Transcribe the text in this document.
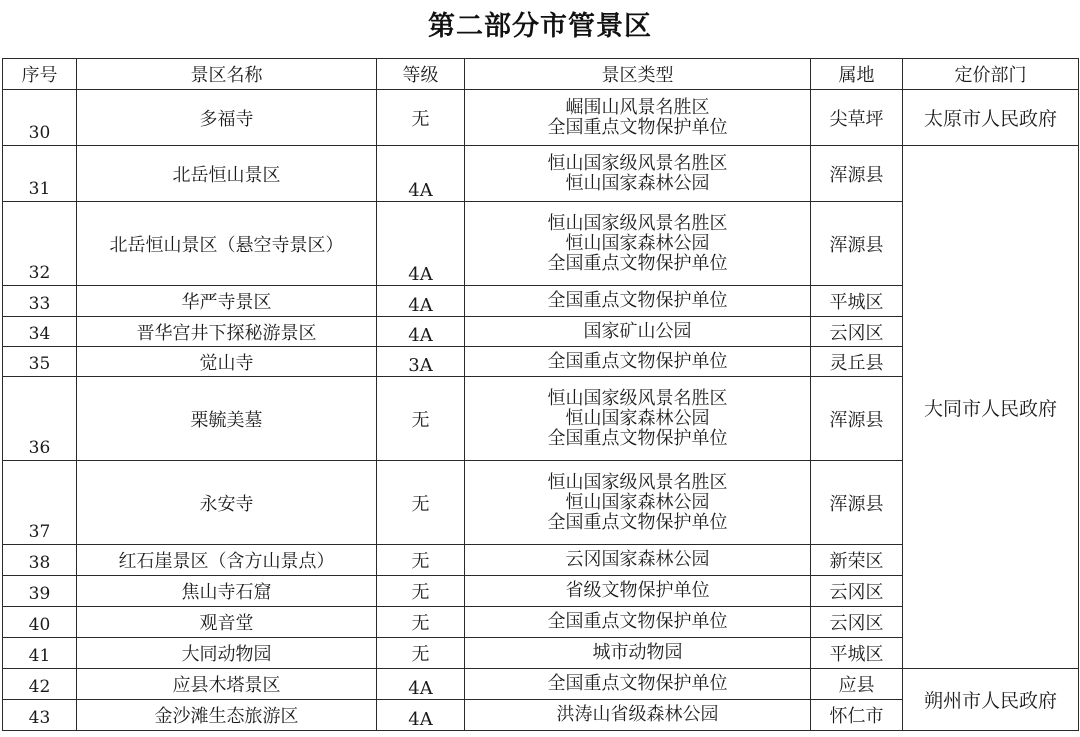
第二部分市管景区
序号	景区名称	等级	景区类型	属地	定价部门
30	多福寺	无	崛围山风景名胜区
全国重点文物保护单位	尖草坪	太原市人民政府
31	北岳恒山景区	4A	恒山国家级风景名胜区
恒山国家森林公园	浑源县	大同市人民政府
32	北岳恒山景区（悬空寺景区）	4A	恒山国家级风景名胜区
恒山国家森林公园
全国重点文物保护单位	浑源县	
33	华严寺景区	4A	全国重点文物保护单位	平城区	
34	晋华宫井下探秘游景区	4A	国家矿山公园	云冈区	
35	觉山寺	3A	全国重点文物保护单位	灵丘县	
36	栗毓美墓	无	恒山国家级风景名胜区
恒山国家森林公园
全国重点文物保护单位	浑源县	
37	永安寺	无	恒山国家级风景名胜区
恒山国家森林公园
全国重点文物保护单位	浑源县	
38	红石崖景区（含方山景点）	无	云冈国家森林公园	新荣区	
39	焦山寺石窟	无	省级文物保护单位	云冈区	
40	观音堂	无	全国重点文物保护单位	云冈区	
41	大同动物园	无	城市动物园	平城区	
42	应县木塔景区	4A	全国重点文物保护单位	应县	朔州市人民政府
43	金沙滩生态旅游区	4A	洪涛山省级森林公园	怀仁市	
